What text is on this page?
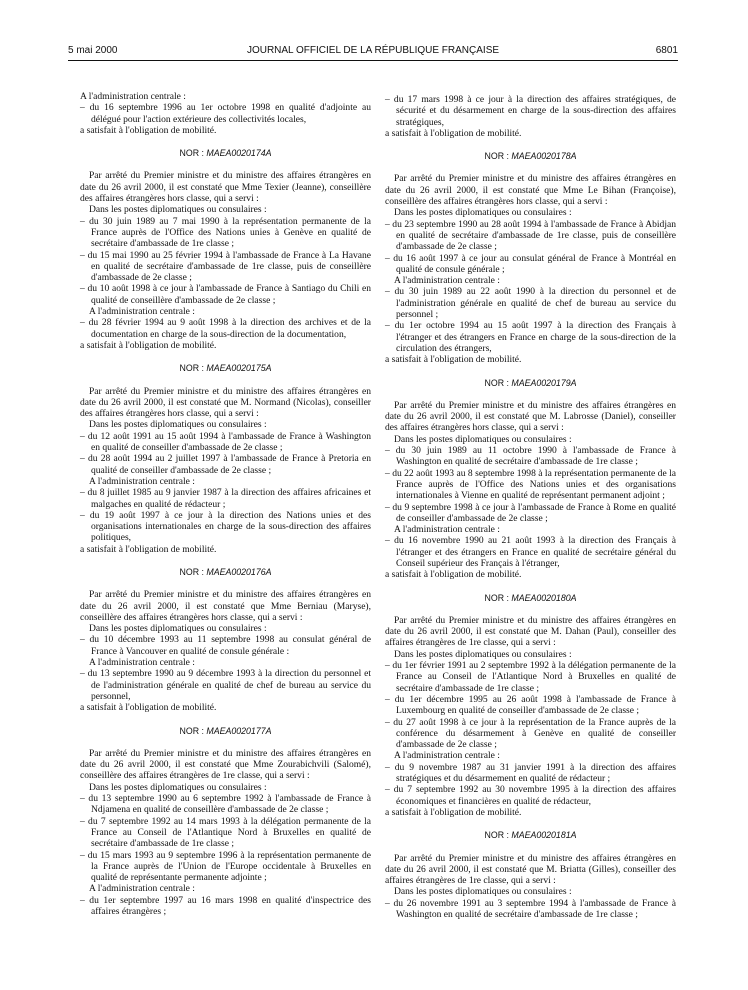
5 mai 2000	JOURNAL OFFICIEL DE LA RÉPUBLIQUE FRANÇAISE	6801

A l'administration centrale :

– du 16 septembre 1996 au 1er octobre 1998 en qualité d'adjointe au délégué pour l'action extérieure des collectivités locales,

a satisfait à l'obligation de mobilité.

NOR : MAEA0020174A

Par arrêté du Premier ministre et du ministre des affaires étrangères en date du 26 avril 2000, il est constaté que Mme Texier (Jeanne), conseillère des affaires étrangères hors classe, qui a servi :

Dans les postes diplomatiques ou consulaires :

– du 30 juin 1989 au 7 mai 1990 à la représentation permanente de la France auprès de l'Office des Nations unies à Genève en qualité de secrétaire d'ambassade de 1re classe ;

– du 15 mai 1990 au 25 février 1994 à l'ambassade de France à La Havane en qualité de secrétaire d'ambassade de 1re classe, puis de conseillère d'ambassade de 2e classe ;

– du 10 août 1998 à ce jour à l'ambassade de France à Santiago du Chili en qualité de conseillère d'ambassade de 2e classe ;

A l'administration centrale :

– du 28 février 1994 au 9 août 1998 à la direction des archives et de la documentation en charge de la sous-direction de la documentation,

a satisfait à l'obligation de mobilité.

NOR : MAEA0020175A

Par arrêté du Premier ministre et du ministre des affaires étrangères en date du 26 avril 2000, il est constaté que M. Normand (Nicolas), conseiller des affaires étrangères hors classe, qui a servi :

Dans les postes diplomatiques ou consulaires :

– du 12 août 1991 au 15 août 1994 à l'ambassade de France à Washington en qualité de conseiller d'ambassade de 2e classe ;

– du 28 août 1994 au 2 juillet 1997 à l'ambassade de France à Pretoria en qualité de conseiller d'ambassade de 2e classe ;

A l'administration centrale :

– du 8 juillet 1985 au 9 janvier 1987 à la direction des affaires africaines et malgaches en qualité de rédacteur ;

– du 19 août 1997 à ce jour à la direction des Nations unies et des organisations internationales en charge de la sous-direction des affaires politiques,

a satisfait à l'obligation de mobilité.

NOR : MAEA0020176A

Par arrêté du Premier ministre et du ministre des affaires étrangères en date du 26 avril 2000, il est constaté que Mme Berniau (Maryse), conseillère des affaires étrangères hors classe, qui a servi :

Dans les postes diplomatiques ou consulaires :

– du 10 décembre 1993 au 11 septembre 1998 au consulat général de France à Vancouver en qualité de consule générale :

A l'administration centrale :

– du 13 septembre 1990 au 9 décembre 1993 à la direction du personnel et de l'administration générale en qualité de chef de bureau au service du personnel,

a satisfait à l'obligation de mobilité.

NOR : MAEA0020177A

Par arrêté du Premier ministre et du ministre des affaires étrangères en date du 26 avril 2000, il est constaté que Mme Zourabichvili (Salomé), conseillère des affaires étrangères de 1re classe, qui a servi :

Dans les postes diplomatiques ou consulaires :

– du 13 septembre 1990 au 6 septembre 1992 à l'ambassade de France à Ndjamena en qualité de conseillère d'ambassade de 2e classe ;

– du 7 septembre 1992 au 14 mars 1993 à la délégation permanente de la France au Conseil de l'Atlantique Nord à Bruxelles en qualité de secrétaire d'ambassade de 1re classe ;

– du 15 mars 1993 au 9 septembre 1996 à la représentation permanente de la France auprès de l'Union de l'Europe occidentale à Bruxelles en qualité de représentante permanente adjointe ;

A l'administration centrale :

– du 1er septembre 1997 au 16 mars 1998 en qualité d'inspectrice des affaires étrangères ;

– du 17 mars 1998 à ce jour à la direction des affaires stratégiques, de sécurité et du désarmement en charge de la sous-direction des affaires stratégiques,

a satisfait à l'obligation de mobilité.

NOR : MAEA0020178A

Par arrêté du Premier ministre et du ministre des affaires étrangères en date du 26 avril 2000, il est constaté que Mme Le Bihan (Françoise), conseillère des affaires étrangères hors classe, qui a servi :

Dans les postes diplomatiques ou consulaires :

– du 23 septembre 1990 au 28 août 1994 à l'ambassade de France à Abidjan en qualité de secrétaire d'ambassade de 1re classe, puis de conseillère d'ambassade de 2e classe ;

– du 16 août 1997 à ce jour au consulat général de France à Montréal en qualité de consule générale ;

A l'administration centrale :

– du 30 juin 1989 au 22 août 1990 à la direction du personnel et de l'administration générale en qualité de chef de bureau au service du personnel ;

– du 1er octobre 1994 au 15 août 1997 à la direction des Français à l'étranger et des étrangers en France en charge de la sous-direction de la circulation des étrangers,

a satisfait à l'obligation de mobilité.

NOR : MAEA0020179A

Par arrêté du Premier ministre et du ministre des affaires étrangères en date du 26 avril 2000, il est constaté que M. Labrosse (Daniel), conseiller des affaires étrangères hors classe, qui a servi :

Dans les postes diplomatiques ou consulaires :

– du 30 juin 1989 au 11 octobre 1990 à l'ambassade de France à Washington en qualité de secrétaire d'ambassade de 1re classe ;

– du 22 août 1993 au 8 septembre 1998 à la représentation permanente de la France auprès de l'Office des Nations unies et des organisations internationales à Vienne en qualité de représentant permanent adjoint ;

– du 9 septembre 1998 à ce jour à l'ambassade de France à Rome en qualité de conseiller d'ambassade de 2e classe ;

A l'administration centrale :

– du 16 novembre 1990 au 21 août 1993 à la direction des Français à l'étranger et des étrangers en France en qualité de secrétaire général du Conseil supérieur des Français à l'étranger,

a satisfait à l'obligation de mobilité.

NOR : MAEA0020180A

Par arrêté du Premier ministre et du ministre des affaires étrangères en date du 26 avril 2000, il est constaté que M. Dahan (Paul), conseiller des affaires étrangères de 1re classe, qui a servi :

Dans les postes diplomatiques ou consulaires :

– du 1er février 1991 au 2 septembre 1992 à la délégation permanente de la France au Conseil de l'Atlantique Nord à Bruxelles en qualité de secrétaire d'ambassade de 1re classe ;

– du 1er décembre 1995 au 26 août 1998 à l'ambassade de France à Luxembourg en qualité de conseiller d'ambassade de 2e classe ;

– du 27 août 1998 à ce jour à la représentation de la France auprès de la conférence du désarmement à Genève en qualité de conseiller d'ambassade de 2e classe ;

A l'administration centrale :

– du 9 novembre 1987 au 31 janvier 1991 à la direction des affaires stratégiques et du désarmement en qualité de rédacteur ;

– du 7 septembre 1992 au 30 novembre 1995 à la direction des affaires économiques et financières en qualité de rédacteur,

a satisfait à l'obligation de mobilité.

NOR : MAEA0020181A

Par arrêté du Premier ministre et du ministre des affaires étrangères en date du 26 avril 2000, il est constaté que M. Briatta (Gilles), conseiller des affaires étrangères de 1re classe, qui a servi :

Dans les postes diplomatiques ou consulaires :

– du 26 novembre 1991 au 3 septembre 1994 à l'ambassade de France à Washington en qualité de secrétaire d'ambassade de 1re classe ;
